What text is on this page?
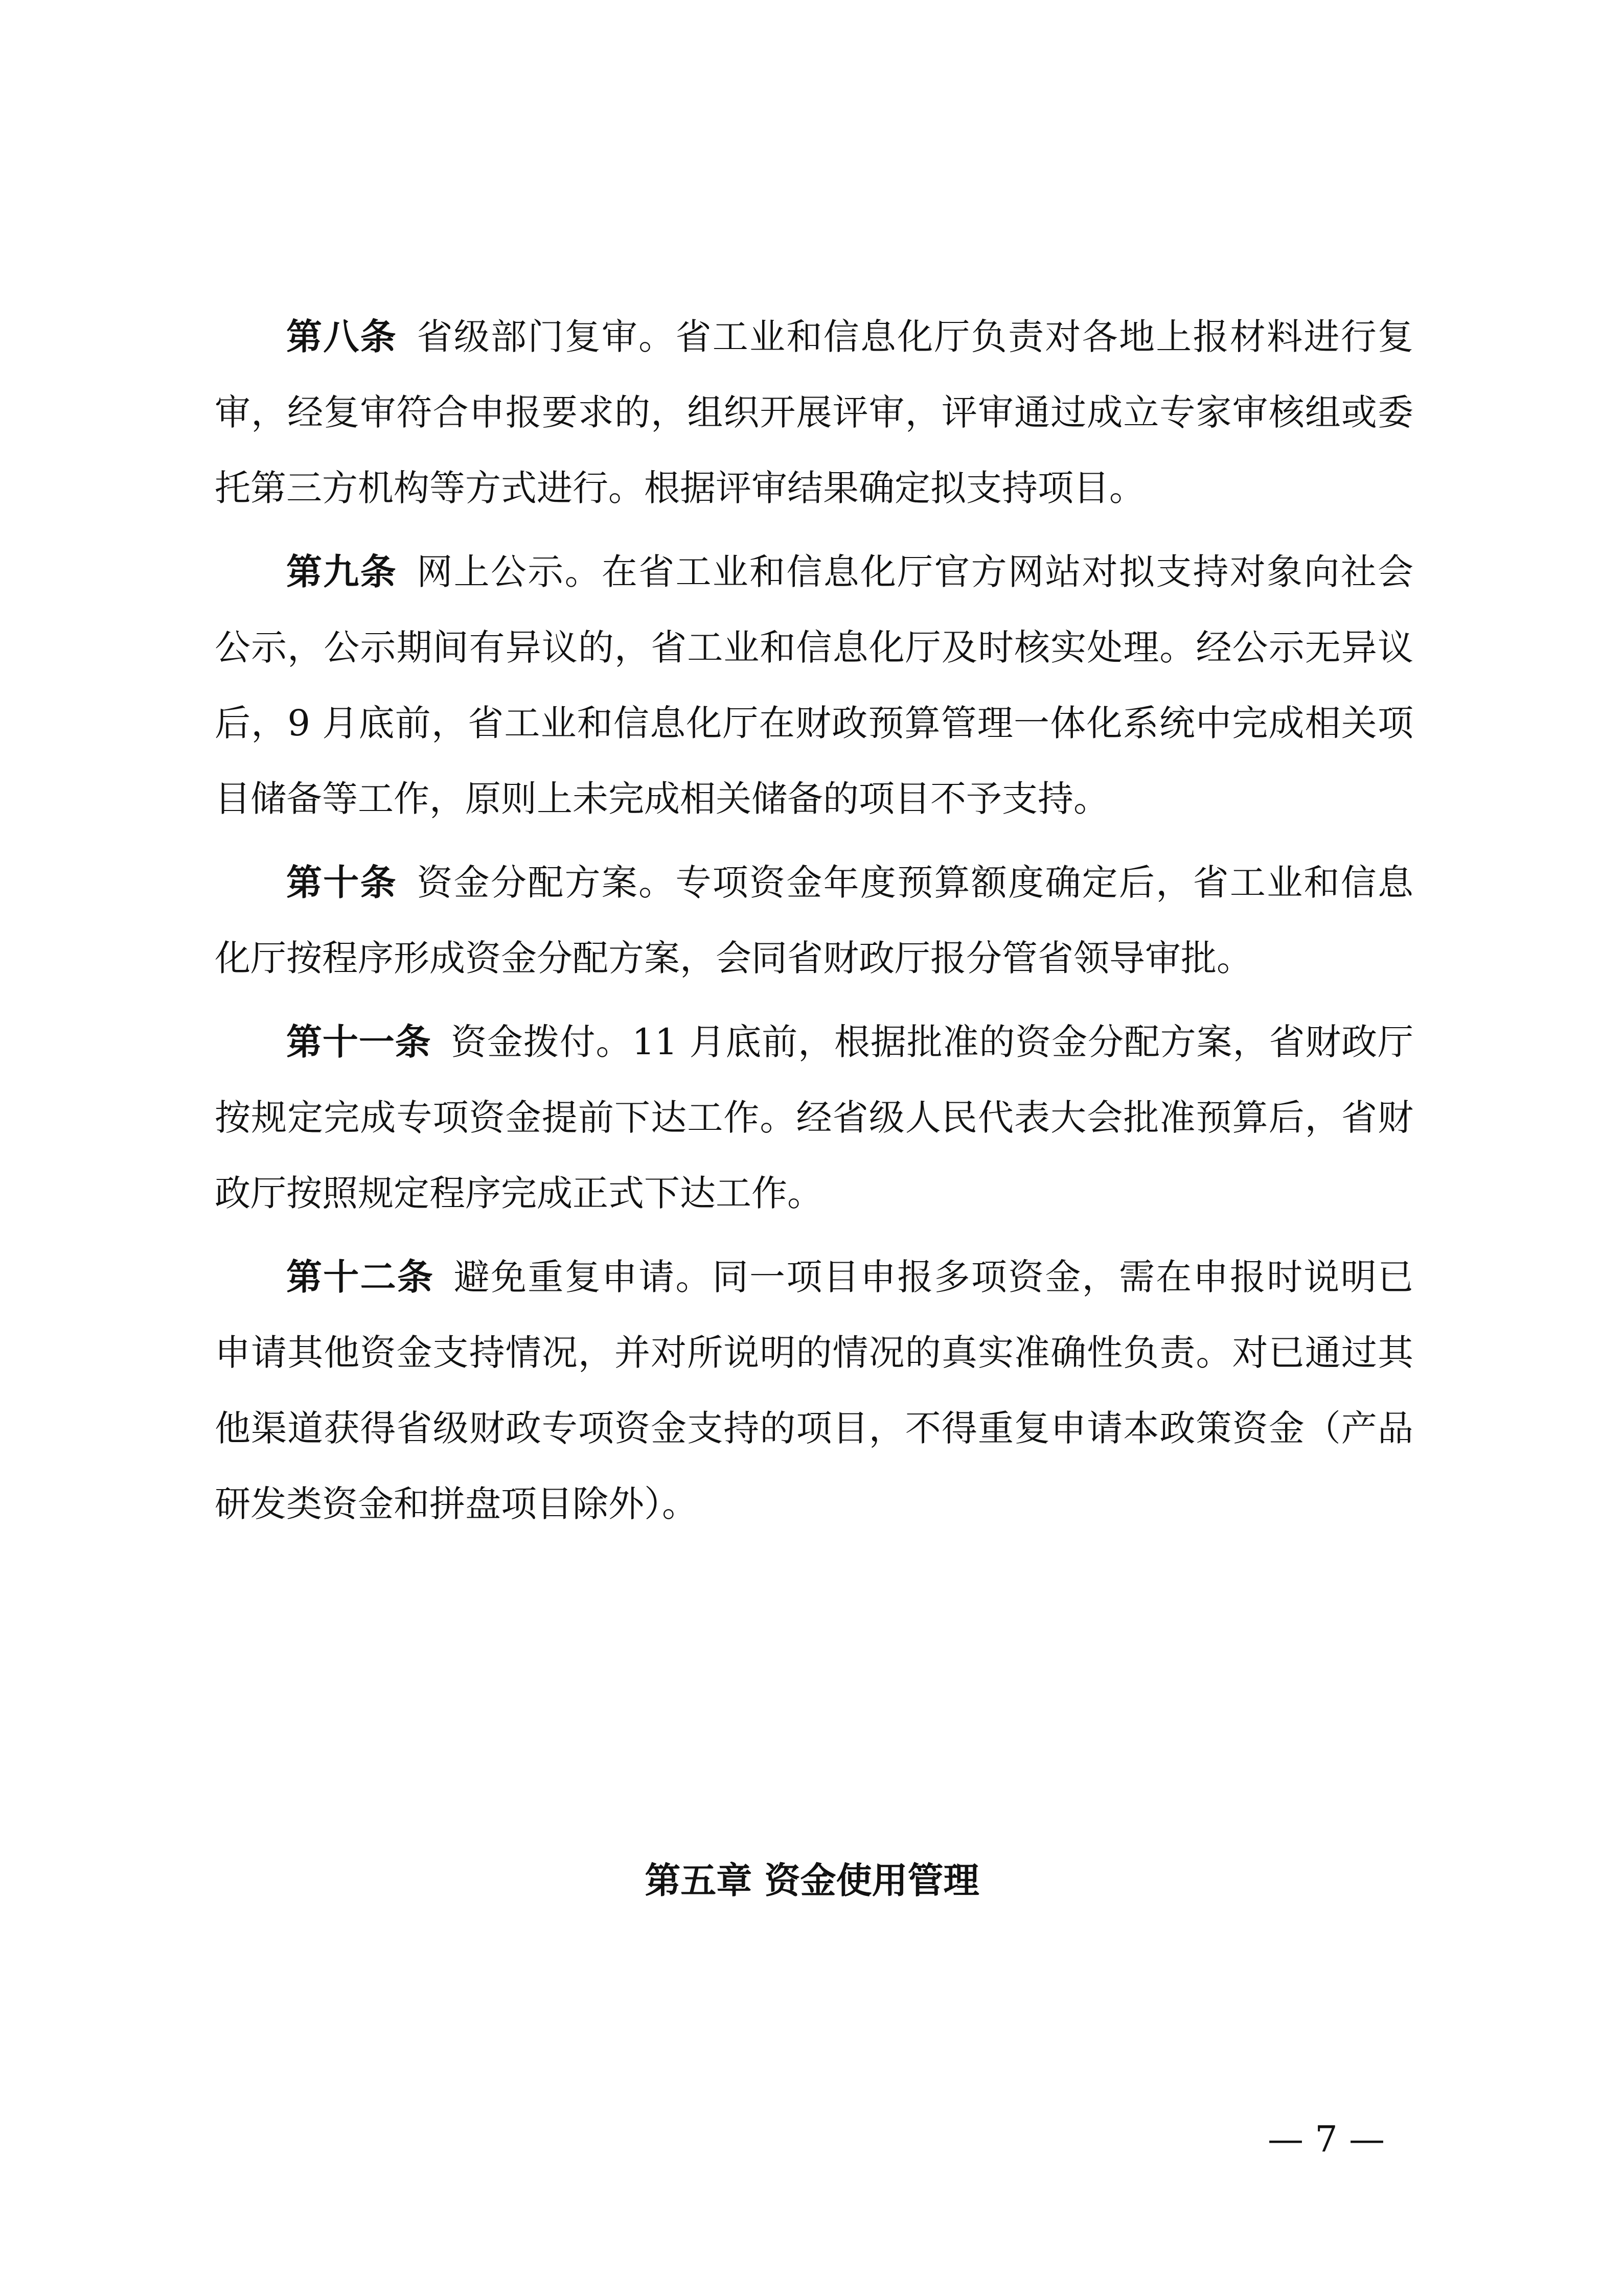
第八条 省级部门复审。省工业和信息化厅负责对各地上报材料进行复审，经复审符合申报要求的，组织开展评审，评审通过成立专家审核组或委托第三方机构等方式进行。根据评审结果确定拟支持项目。

第九条 网上公示。在省工业和信息化厅官方网站对拟支持对象向社会公示，公示期间有异议的，省工业和信息化厅及时核实处理。经公示无异议后，9 月底前，省工业和信息化厅在财政预算管理一体化系统中完成相关项目储备等工作，原则上未完成相关储备的项目不予支持。

第十条 资金分配方案。专项资金年度预算额度确定后，省工业和信息化厅按程序形成资金分配方案，会同省财政厅报分管省领导审批。

第十一条 资金拨付。11 月底前，根据批准的资金分配方案，省财政厅按规定完成专项资金提前下达工作。经省级人民代表大会批准预算后，省财政厅按照规定程序完成正式下达工作。

第十二条 避免重复申请。同一项目申报多项资金，需在申报时说明已申请其他资金支持情况，并对所说明的情况的真实准确性负责。对已通过其他渠道获得省级财政专项资金支持的项目，不得重复申请本政策资金（产品研发类资金和拼盘项目除外）。

第五章 资金使用管理
— 7 —
